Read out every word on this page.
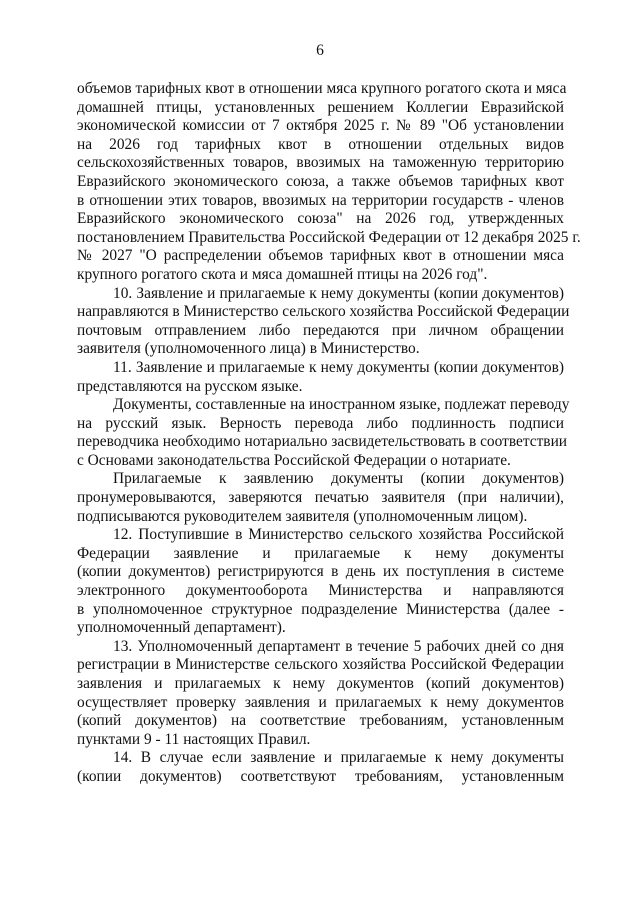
6
объемов тарифных квот в отношении мяса крупного рогатого скота и мяса
домашней птицы, установленных решением Коллегии Евразийской
экономической комиссии от 7 октября 2025 г. № 89 "Об установлении
на 2026 год тарифных квот в отношении отдельных видов
сельскохозяйственных товаров, ввозимых на таможенную территорию
Евразийского экономического союза, а также объемов тарифных квот
в отношении этих товаров, ввозимых на территории государств - членов
Евразийского экономического союза" на 2026 год, утвержденных
постановлением Правительства Российской Федерации от 12 декабря 2025 г.
№ 2027 "О распределении объемов тарифных квот в отношении мяса
крупного рогатого скота и мяса домашней птицы на 2026 год".
10. Заявление и прилагаемые к нему документы (копии документов)
направляются в Министерство сельского хозяйства Российской Федерации
почтовым отправлением либо передаются при личном обращении
заявителя (уполномоченного лица) в Министерство.
11. Заявление и прилагаемые к нему документы (копии документов)
представляются на русском языке.
Документы, составленные на иностранном языке, подлежат переводу
на русский язык. Верность перевода либо подлинность подписи
переводчика необходимо нотариально засвидетельствовать в соответствии
с Основами законодательства Российской Федерации о нотариате.
Прилагаемые к заявлению документы (копии документов)
пронумеровываются, заверяются печатью заявителя (при наличии),
подписываются руководителем заявителя (уполномоченным лицом).
12. Поступившие в Министерство сельского хозяйства Российской
Федерации заявление и прилагаемые к нему документы
(копии документов) регистрируются в день их поступления в системе
электронного документооборота Министерства и направляются
в уполномоченное структурное подразделение Министерства (далее -
уполномоченный департамент).
13. Уполномоченный департамент в течение 5 рабочих дней со дня
регистрации в Министерстве сельского хозяйства Российской Федерации
заявления и прилагаемых к нему документов (копий документов)
осуществляет проверку заявления и прилагаемых к нему документов
(копий документов) на соответствие требованиям, установленным
пунктами 9 - 11 настоящих Правил.
14. В случае если заявление и прилагаемые к нему документы
(копии документов) соответствуют требованиям, установленным
